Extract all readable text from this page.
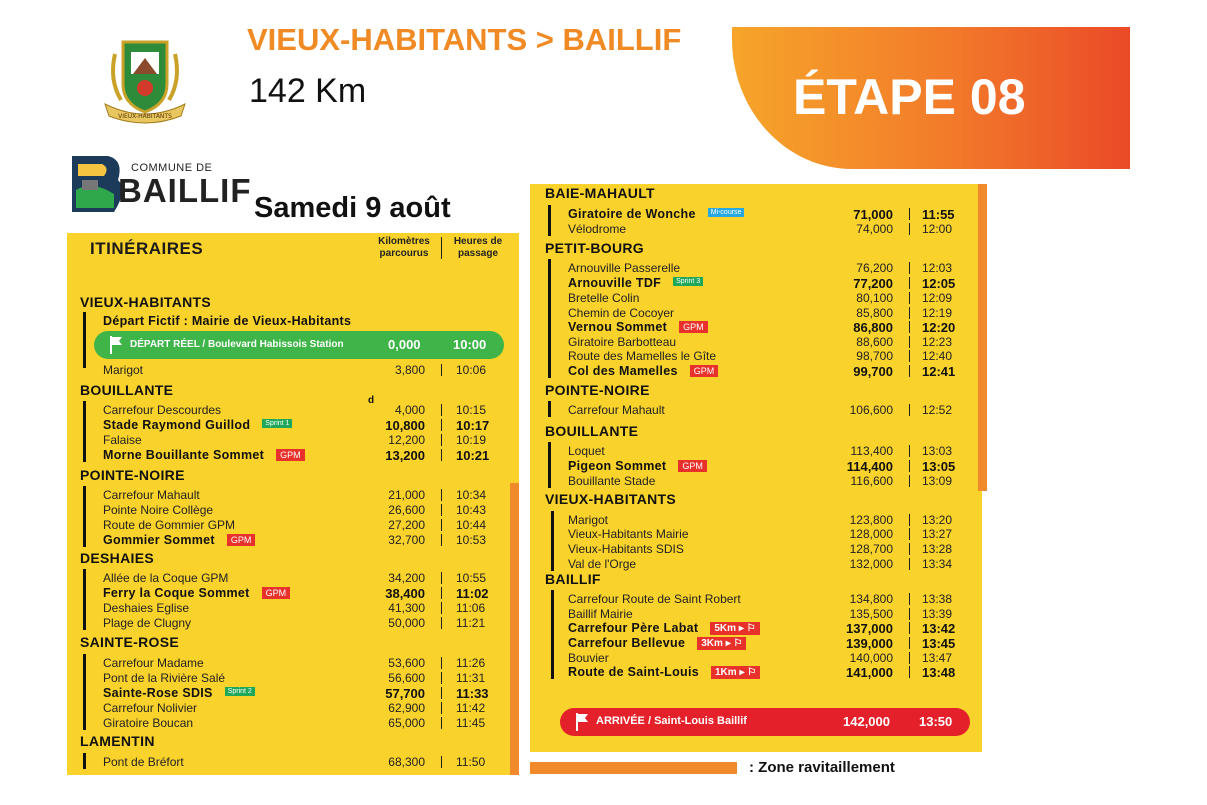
VIEUX-HABITANTS > BAILLIF
142 Km	ÉTAPE 08
VIEUX-HABITANTS
COMMUNE DE
BAILLIF Samedi 9 août
ITINÉRAIRES	Kilomètres
parcourus
Heures de
passage
d
DÉPART RÉEL / Boulevard Habissois Station	0,000 10:00
ARRIVÉE / Saint-Louis Baillif	142,000 13:50
: Zone ravitaillement
VIEUX-HABITANTS
Départ Fictif : Mairie de Vieux-Habitants
Marigot	3,800	10:06
BOUILLANTE
Carrefour Descourdes	4,000	10:15
Stade Raymond Guillod	Sprint 1	10,800 10:17
Falaise	12,200	10:19
Morne Bouillante Sommet	GPM	13,200 10:21
POINTE-NOIRE
Carrefour Mahault	21,000	10:34
Pointe Noire Collège	26,600	10:43
Route de Gommier GPM	27,200	10:44
Gommier Sommet	GPM	32,700	10:53
DESHAIES
Allée de la Coque GPM	34,200	10:55
Ferry la Coque Sommet	GPM	38,400 11:02
Deshaies Eglise	41,300	11:06
Plage de Clugny	50,000	11:21
SAINTE-ROSE
Carrefour Madame	53,600	11:26
Pont de la Rivière Salé	56,600	11:31
Sainte-Rose SDIS	Sprint 2	57,700 11:33
Carrefour Nolivier	62,900	11:42
Giratoire Boucan	65,000	11:45
LAMENTIN
Pont de Bréfort	68,300	11:50
BAIE-MAHAULT
Giratoire de Wonche	Mi-course	71,000 11:55
Vélodrome	74,000 12:00
PETIT-BOURG
Arnouville Passerelle	76,200 12:03
Arnouville TDF	Sprint 3	77,200 12:05
Bretelle Colin	80,100 12:09
Chemin de Cocoyer	85,800 12:19
Vernou Sommet	GPM	86,800 12:20
Giratoire Barbotteau	88,600 12:23
Route des Mamelles le Gîte	98,700 12:40
Col des Mamelles	GPM	99,700 12:41
POINTE-NOIRE
Carrefour Mahault	106,600 12:52
BOUILLANTE
Loquet	113,400 13:03
Pigeon Sommet	GPM	114,400 13:05
Bouillante Stade	116,600 13:09
VIEUX-HABITANTS
Marigot	123,800 13:20
Vieux-Habitants Mairie	128,000 13:27
Vieux-Habitants SDIS	128,700 13:28
Val de l'Orge	132,000 13:34
BAILLIF
Carrefour Route de Saint Robert	134,800 13:38
Baillif Mairie	135,500 13:39
Carrefour Père Labat	5Km ▸ ⚐	137,000 13:42
Carrefour Bellevue	3Km ▸ ⚐	139,000 13:45
Bouvier	140,000 13:47
Route de Saint-Louis	1Km ▸ ⚐	141,000 13:48
